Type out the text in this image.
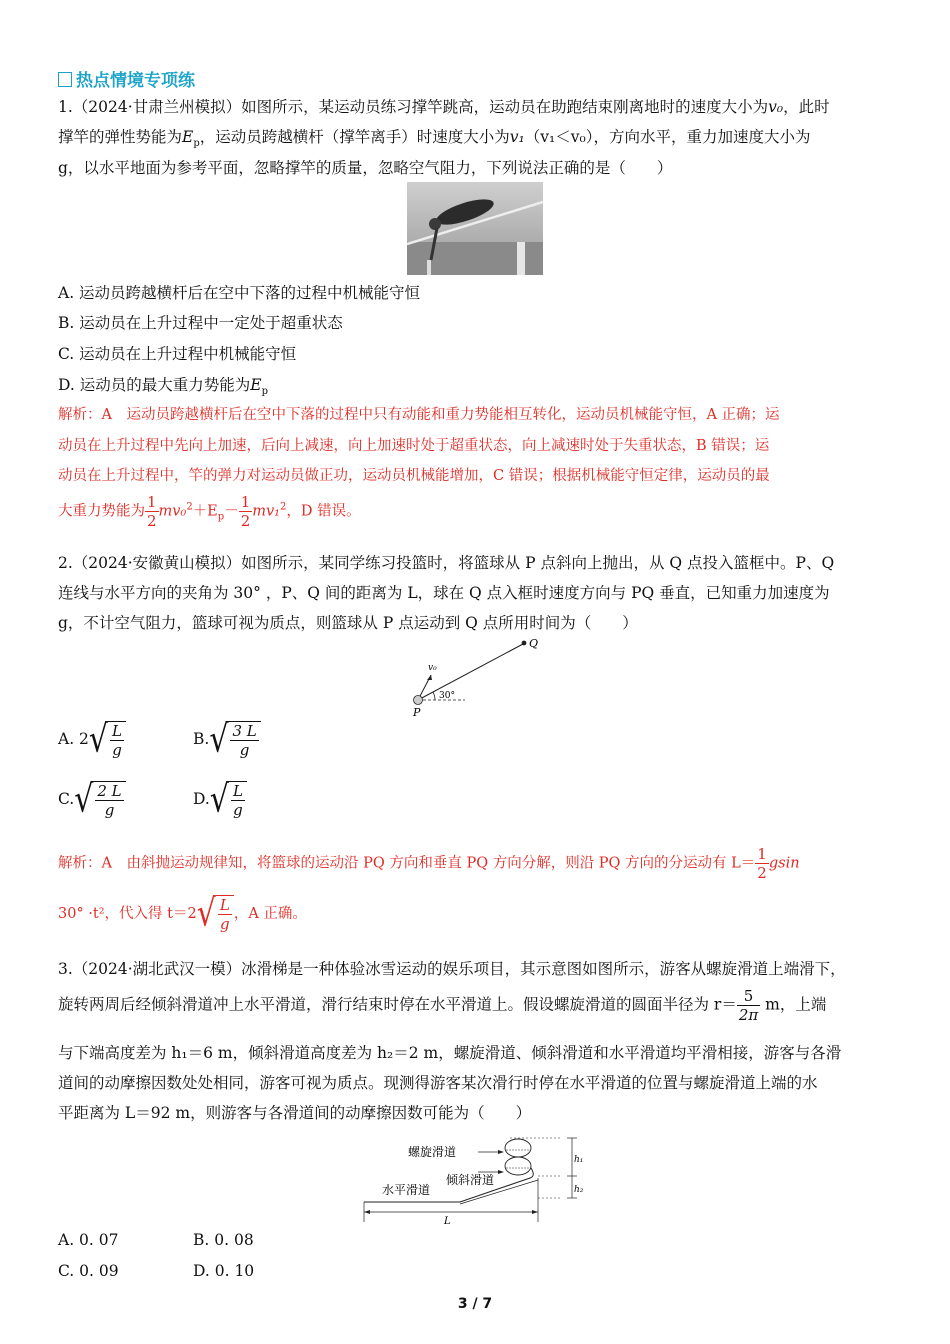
热点情境专项练
1.（2024·甘肃兰州模拟）如图所示，某运动员练习撑竿跳高，运动员在助跑结束刚离地时的速度大小为v₀，此时
撑竿的弹性势能为$E_p$，运动员跨越横杆（撑竿离手）时速度大小为v₁（v₁＜v₀），方向水平，重力加速度大小为
g，以水平地面为参考平面，忽略撑竿的质量，忽略空气阻力，下列说法正确的是（　　）
A. 运动员跨越横杆后在空中下落的过程中机械能守恒
B. 运动员在上升过程中一定处于超重状态
C. 运动员在上升过程中机械能守恒
D. 运动员的最大重力势能为$E_p$
解析：A　运动员跨越横杆后在空中下落的过程中只有动能和重力势能相互转化，运动员机械能守恒，A 正确；运
动员在上升过程中先向上加速，后向上减速，向上加速时处于超重状态，向上减速时处于失重状态，B 错误；运
动员在上升过程中，竿的弹力对运动员做正功，运动员机械能增加，C 错误；根据机械能守恒定律，运动员的最
大重力势能为 $\frac{1}{2} mv_0^2+E_p- \frac{1}{2} mv_1^2$，D 错误。
2.（2024·安徽黄山模拟）如图所示，某同学练习投篮时，将篮球从 P 点斜向上抛出，从 Q 点投入篮框中。P、Q
连线与水平方向的夹角为 30° ，P、Q 间的距离为 L，球在 Q 点入框时速度方向与 PQ 垂直，已知重力加速度为
g，不计空气阻力，篮球可视为质点，则篮球从 P 点运动到 Q 点所用时间为（　　）
Q
P
v₀
30°
A. 2 √ $\frac{L}{g}$	B. √ $\frac{3 L}{g}$
C. √ $\frac{2 L}{g}$	D. √ $\frac{L}{g}$
解析：A　由斜抛运动规律知，将篮球的运动沿 PQ 方向和垂直 PQ 方向分解，则沿 PQ 方向的分运动有 $L= \frac{1}{2}$ gsin
30° ·t²，代入得 t＝2 √ $\frac{L}{g}$ ，A 正确。
3.（2024·湖北武汉一模）冰滑梯是一种体验冰雪运动的娱乐项目，其示意图如图所示，游客从螺旋滑道上端滑下，
旋转两周后经倾斜滑道冲上水平滑道，滑行结束时停在水平滑道上。假设螺旋滑道的圆面半径为 $r= \frac{5}{2\pi}$ m，上端
与下端高度差为 h₁＝6 m，倾斜滑道高度差为 h₂＝2 m，螺旋滑道、倾斜滑道和水平滑道均平滑相接，游客与各滑
道间的动摩擦因数处处相同，游客可视为质点。现测得游客某次滑行时停在水平滑道的位置与螺旋滑道上端的水
平距离为 L＝92 m，则游客与各滑道间的动摩擦因数可能为（　　）
螺旋滑道
倾斜滑道
水平滑道
h₁
h₂
L
A. 0. 07	B. 0. 08
C. 0. 09	D. 0. 10
3 / 7
